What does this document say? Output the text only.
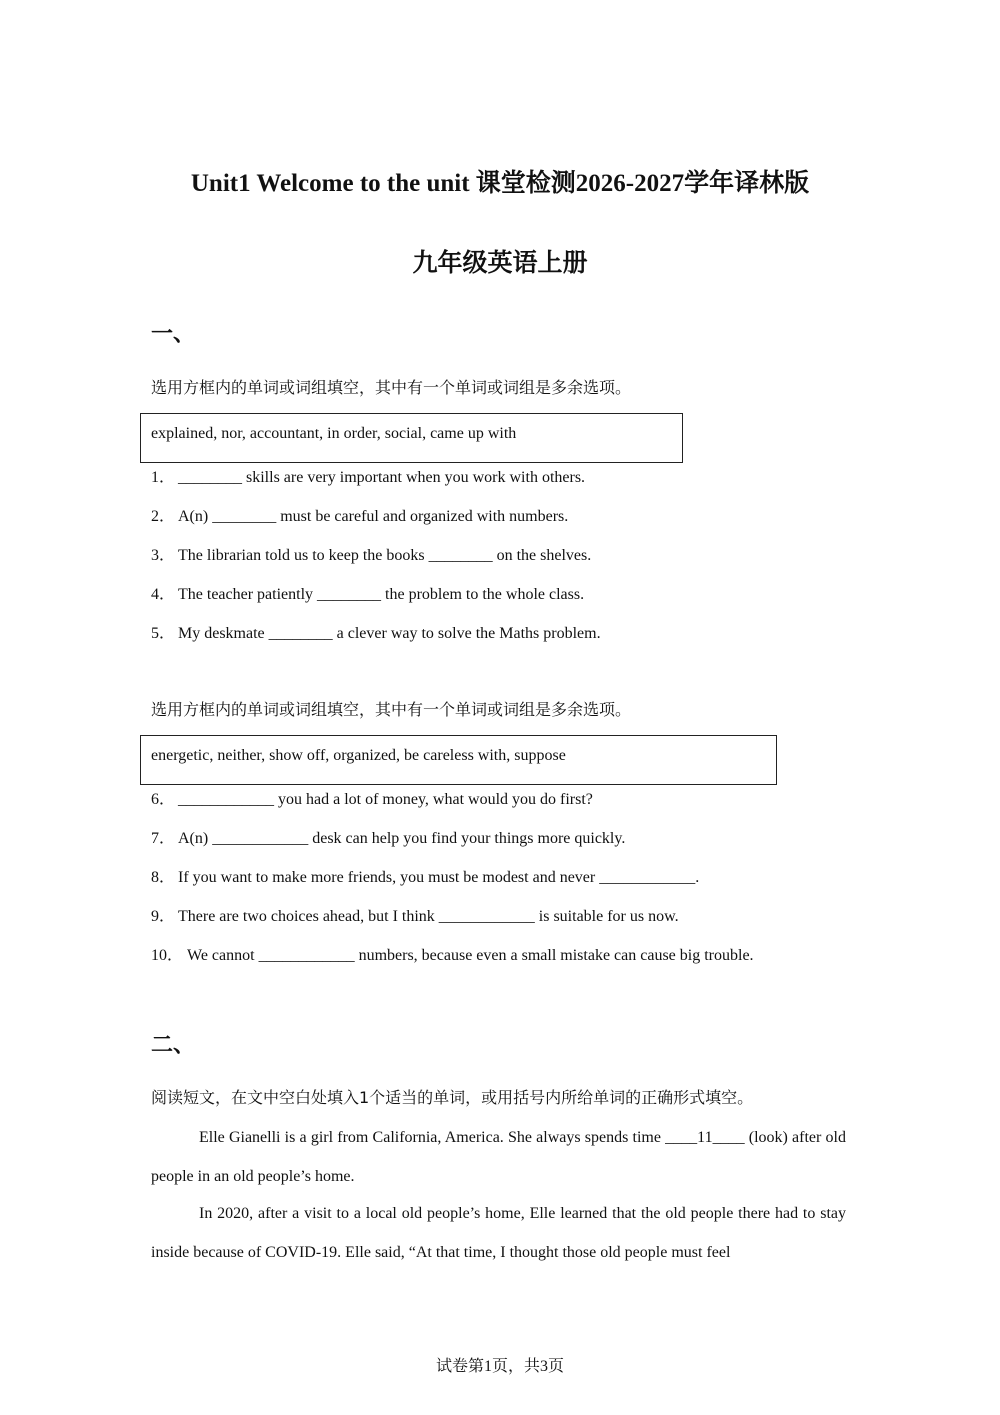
Unit1 Welcome to the unit 课堂检测2026-2027学年译林版
九年级英语上册
一、

选用方框内的单词或词组填空，其中有一个单词或词组是多余选项。

explained, nor, accountant, in order, social, came up with

1． ________ skills are very important when you work with others.

2． A(n) ________ must be careful and organized with numbers.

3． The librarian told us to keep the books ________ on the shelves.

4． The teacher patiently ________ the problem to the whole class.

5． My deskmate ________ a clever way to solve the Maths problem.

选用方框内的单词或词组填空，其中有一个单词或词组是多余选项。

energetic, neither, show off, organized, be careless with, suppose

6． ____________ you had a lot of money, what would you do first?

7． A(n) ____________ desk can help you find your things more quickly.

8． If you want to make more friends, you must be modest and never ____________.

9． There are two choices ahead, but I think ____________ is suitable for us now.

10． We cannot ____________ numbers, because even a small mistake can cause big trouble.

二、

阅读短文，在文中空白处填入1个适当的单词，或用括号内所给单词的正确形式填空。

Elle Gianelli is a girl from California, America. She always spends time ____11____ (look) after old people in an old people’s home.

In 2020, after a visit to a local old people’s home, Elle learned that the old people there had to stay inside because of COVID-19. Elle said, “At that time, I thought those old people must feel

试卷第1页，共3页
